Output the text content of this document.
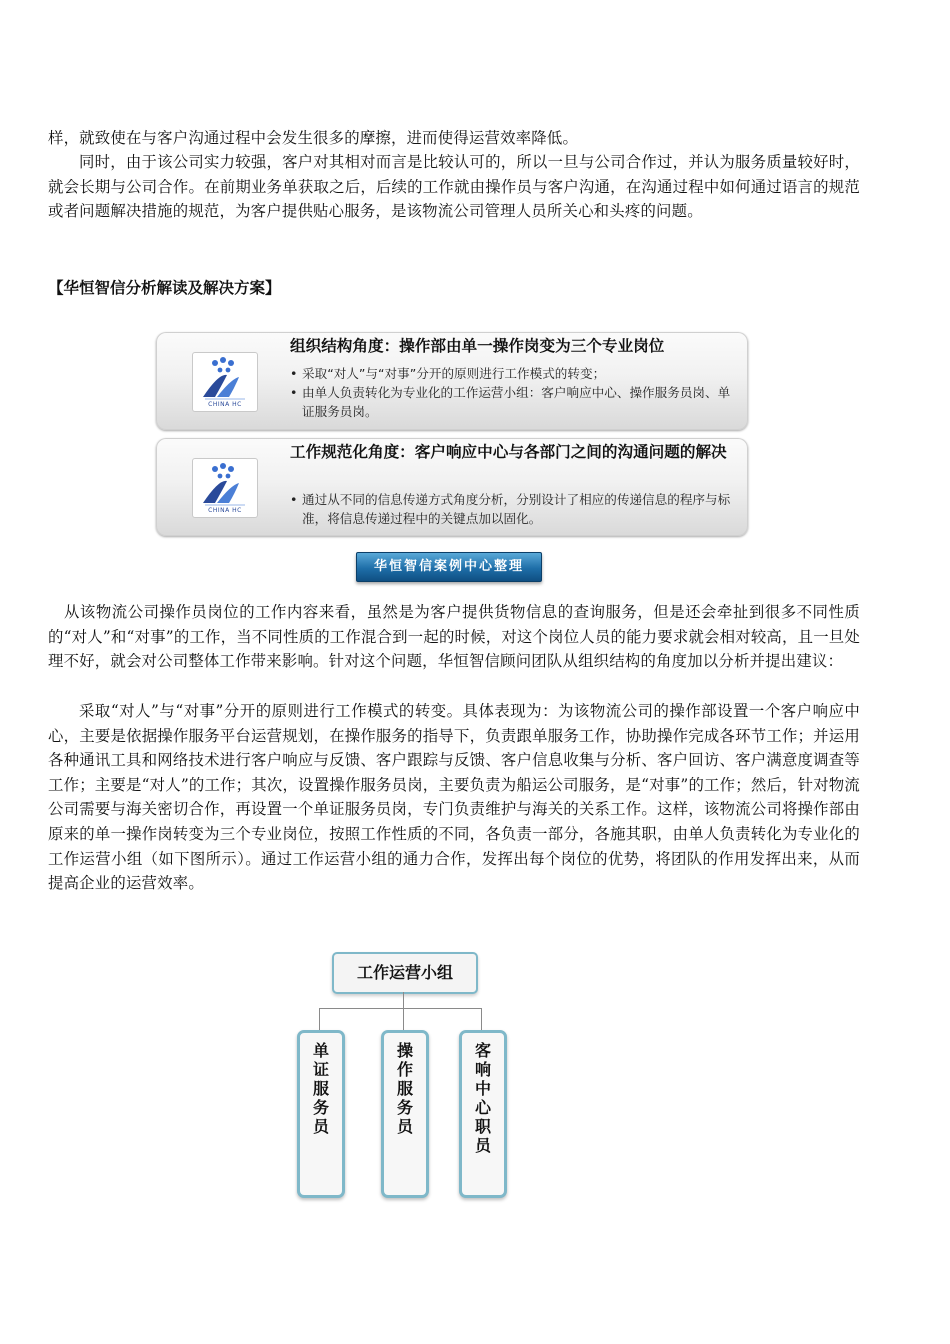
样，就致使在与客户沟通过程中会发生很多的摩擦，进而使得运营效率降低。

同时，由于该公司实力较强，客户对其相对而言是比较认可的，所以一旦与公司合作过，并认为服务质量较好时，就会长期与公司合作。在前期业务单获取之后，后续的工作就由操作员与客户沟通，在沟通过程中如何通过语言的规范或者问题解决措施的规范，为客户提供贴心服务，是该物流公司管理人员所关心和头疼的问题。

【华恒智信分析解读及解决方案】

CHINA HC

组织结构角度：操作部由单一操作岗变为三个专业岗位

• 采取“对人”与“对事”分开的原则进行工作模式的转变；
• 由单人负责转化为专业化的工作运营小组：客户响应中心、操作服务员岗、单证服务员岗。
CHINA HC

工作规范化角度：客户响应中心与各部门之间的沟通问题的解决

• 通过从不同的信息传递方式角度分析，分别设计了相应的传递信息的程序与标准，将信息传递过程中的关键点加以固化。
华恒智信案例中心整理

从该物流公司操作员岗位的工作内容来看，虽然是为客户提供货物信息的查询服务，但是还会牵扯到很多不同性质的“对人”和“对事”的工作，当不同性质的工作混合到一起的时候，对这个岗位人员的能力要求就会相对较高，且一旦处理不好，就会对公司整体工作带来影响。针对这个问题，华恒智信顾问团队从组织结构的角度加以分析并提出建议：

采取“对人”与“对事”分开的原则进行工作模式的转变。具体表现为：为该物流公司的操作部设置一个客户响应中心，主要是依据操作服务平台运营规划，在操作服务的指导下，负责跟单服务工作，协助操作完成各环节工作；并运用各种通讯工具和网络技术进行客户响应与反馈、客户跟踪与反馈、客户信息收集与分析、客户回访、客户满意度调查等工作；主要是“对人”的工作；其次，设置操作服务员岗，主要负责为船运公司服务，是“对事”的工作；然后，针对物流公司需要与海关密切合作，再设置一个单证服务员岗，专门负责维护与海关的关系工作。这样，该物流公司将操作部由原来的单一操作岗转变为三个专业岗位，按照工作性质的不同，各负责一部分，各施其职，由单人负责转化为专业化的工作运营小组（如下图所示）。通过工作运营小组的通力合作，发挥出每个岗位的优势，将团队的作用发挥出来，从而提高企业的运营效率。

工作运营小组
单证服务员
操作服务员
客响中心职员
